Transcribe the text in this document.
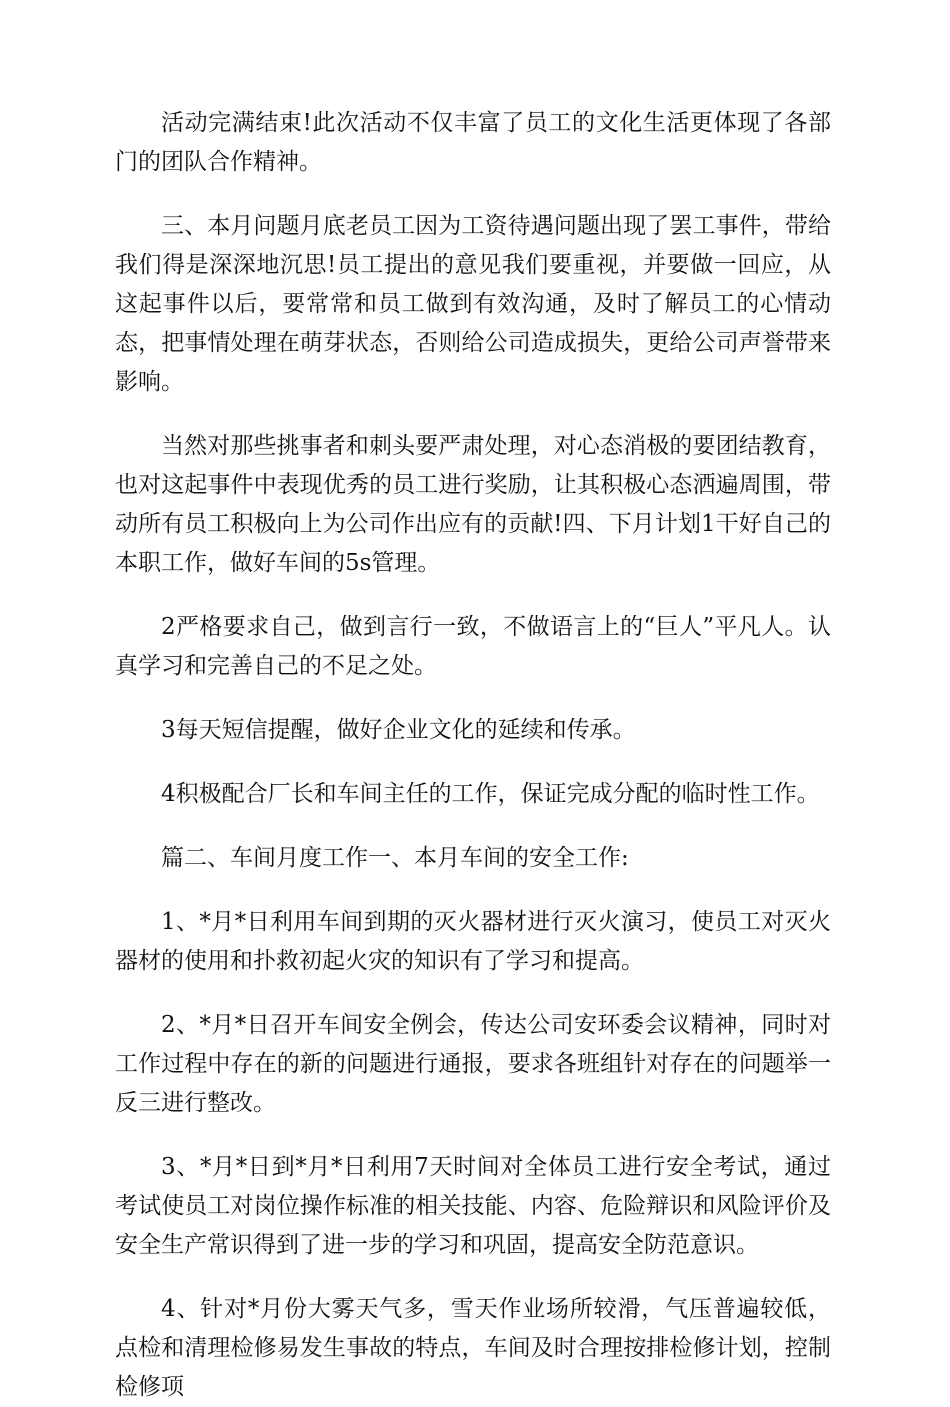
活动完满结束!此次活动不仅丰富了员工的文化生活更体现了各部门的团队合作精神。

三、本月问题月底老员工因为工资待遇问题出现了罢工事件，带给我们得是深深地沉思!员工提出的意见我们要重视，并要做一回应，从这起事件以后，要常常和员工做到有效沟通，及时了解员工的心情动态，把事情处理在萌芽状态，否则给公司造成损失，更给公司声誉带来影响。

当然对那些挑事者和刺头要严肃处理，对心态消极的要团结教育，也对这起事件中表现优秀的员工进行奖励，让其积极心态洒遍周围，带动所有员工积极向上为公司作出应有的贡献!四、下月计划1干好自己的本职工作，做好车间的5s管理。

2严格要求自己，做到言行一致，不做语言上的“巨人”平凡人。认真学习和完善自己的不足之处。

3每天短信提醒，做好企业文化的延续和传承。

4积极配合厂长和车间主任的工作，保证完成分配的临时性工作。

篇二、车间月度工作一、本月车间的安全工作:

1、*月*日利用车间到期的灭火器材进行灭火演习，使员工对灭火器材的使用和扑救初起火灾的知识有了学习和提高。

2、*月*日召开车间安全例会，传达公司安环委会议精神，同时对工作过程中存在的新的问题进行通报，要求各班组针对存在的问题举一反三进行整改。

3、*月*日到*月*日利用7天时间对全体员工进行安全考试，通过考试使员工对岗位操作标准的相关技能、内容、危险辩识和风险评价及安全生产常识得到了进一步的学习和巩固，提高安全防范意识。

4、针对*月份大雾天气多，雪天作业场所较滑，气压普遍较低，点检和清理检修易发生事故的特点，车间及时合理按排检修计划，控制检修项
